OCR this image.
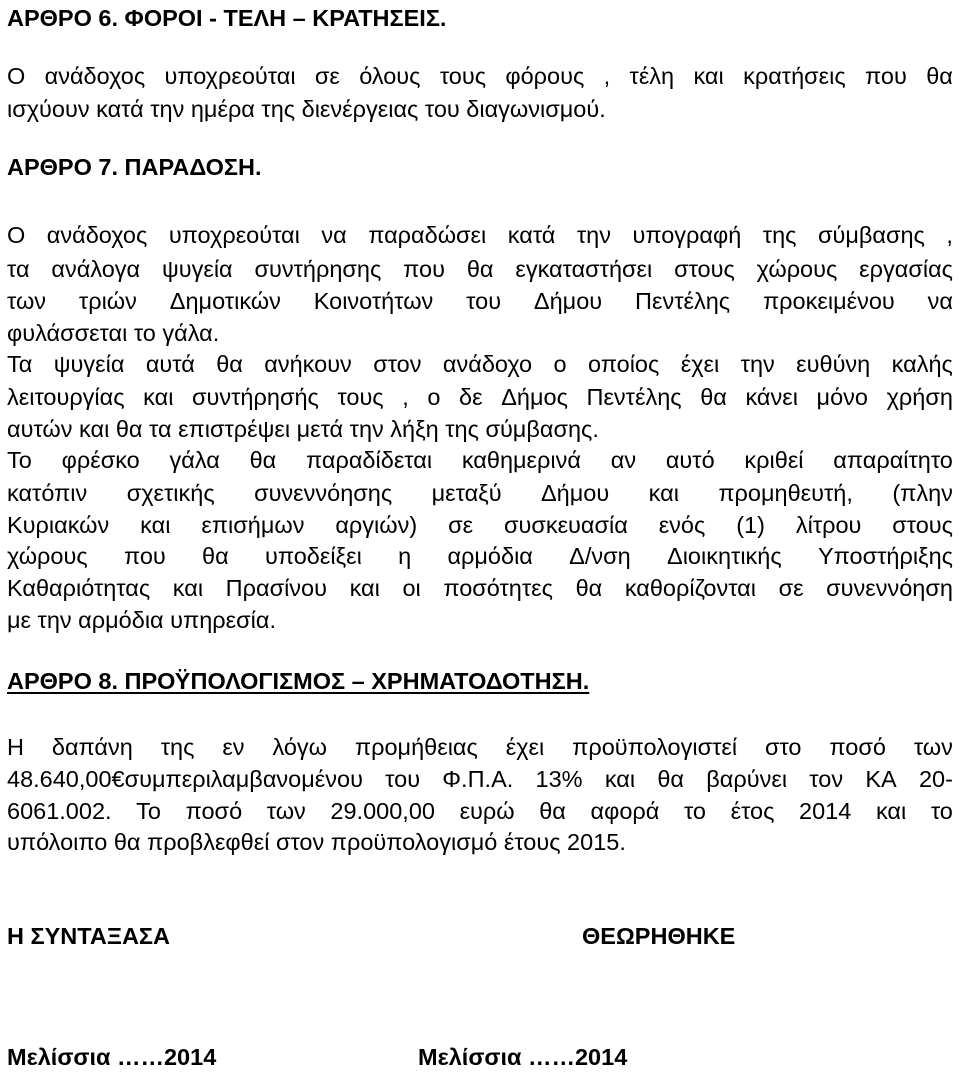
ΑΡΘΡΟ 6. ΦΟΡΟΙ - ΤΕΛΗ – ΚΡΑΤΗΣΕΙΣ.
Ο ανάδοχος υποχρεούται σε όλους τους φόρους , τέλη και κρατήσεις που θα
ισχύουν κατά την ημέρα της διενέργειας του διαγωνισμού.
ΑΡΘΡΟ 7. ΠΑΡΑΔΟΣΗ.
Ο ανάδοχος υποχρεούται να παραδώσει κατά την υπογραφή της σύμβασης ,
τα ανάλογα ψυγεία συντήρησης που θα εγκαταστήσει στους χώρους εργασίας
των τριών Δημοτικών Κοινοτήτων του Δήμου Πεντέλης προκειμένου να
φυλάσσεται το γάλα.
Τα ψυγεία αυτά θα ανήκουν στον ανάδοχο ο οποίος έχει την ευθύνη καλής
λειτουργίας και συντήρησής τους , ο δε Δήμος Πεντέλης θα κάνει μόνο χρήση
αυτών και θα τα επιστρέψει μετά την λήξη της σύμβασης.
Το φρέσκο γάλα θα παραδίδεται καθημερινά αν αυτό κριθεί απαραίτητο
κατόπιν σχετικής συνεννόησης μεταξύ Δήμου και προμηθευτή, (πλην
Κυριακών και επισήμων αργιών) σε συσκευασία ενός (1) λίτρου στους
χώρους που θα υποδείξει η αρμόδια Δ/νση Διοικητικής Υποστήριξης
Καθαριότητας και Πρασίνου και οι ποσότητες θα καθορίζονται σε συνεννόηση
με την αρμόδια υπηρεσία.
ΑΡΘΡΟ 8. ΠΡΟΫΠΟΛΟΓΙΣΜΟΣ – ΧΡΗΜΑΤΟΔΟΤΗΣΗ.
Η δαπάνη της εν λόγω προμήθειας έχει προϋπολογιστεί στο ποσό των
48.640,00€συμπεριλαμβανομένου του Φ.Π.Α. 13% και θα βαρύνει τον ΚΑ 20-
6061.002. Το ποσό των 29.000,00 ευρώ θα αφορά το έτος 2014 και το
υπόλοιπο θα προβλεφθεί στον προϋπολογισμό έτους 2015.
Η ΣΥΝΤΑΞΑΣΑ	ΘΕΩΡΗΘΗΚΕ
Μελίσσια ……2014	Μελίσσια ……2014
